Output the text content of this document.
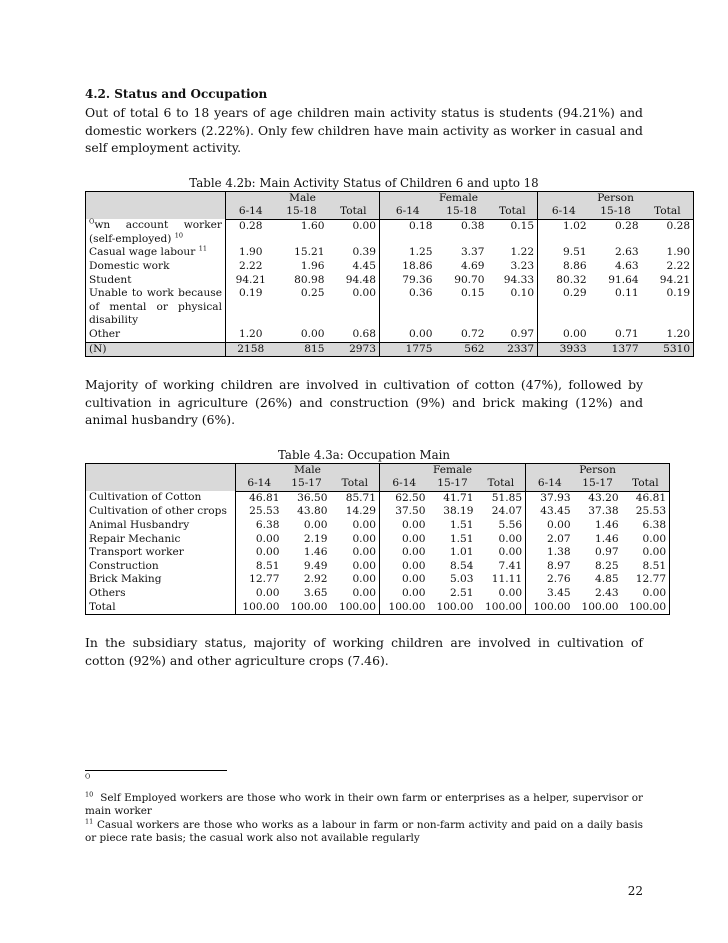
4.2. Status and Occupation

Out of total 6 to 18 years of age children main activity status is students (94.21%) and domestic workers (2.22%). Only few children have main activity as worker in casual and self employment activity.

Table 4.2b: Main Activity Status of Children 6 and upto 18
	Male			Female			Person		
	6-14	15-18	Total	6-14	15-18	Total	6-14	15-18	Total
$^O$wn account worker (self-employed) $^{10}$	0.28	1.60	0.00	0.18	0.38	0.15	1.02	0.28	0.28
Casual wage labour $^{11}$	1.90	15.21	0.39	1.25	3.37	1.22	9.51	2.63	1.90
Domestic work	2.22	1.96	4.45	18.86	4.69	3.23	8.86	4.63	2.22
Student	94.21	80.98	94.48	79.36	90.70	94.33	80.32	91.64	94.21
Unable to work because of mental or physical disability	0.19	0.25	0.00	0.36	0.15	0.10	0.29	0.11	0.19
Other	1.20	0.00	0.68	0.00	0.72	0.97	0.00	0.71	1.20
(N)	2158	815	2973	1775	562	2337	3933	1377	5310

Majority of working children are involved in cultivation of cotton (47%), followed by cultivation in agriculture (26%) and construction (9%) and brick making (12%) and animal husbandry (6%).

Table 4.3a: Occupation Main
	Male			Female			Person		
	6-14	15-17	Total	6-14	15-17	Total	6-14	15-17	Total
Cultivation of Cotton	46.81	36.50	85.71	62.50	41.71	51.85	37.93	43.20	46.81
Cultivation of other crops	25.53	43.80	14.29	37.50	38.19	24.07	43.45	37.38	25.53
Animal Husbandry	6.38	0.00	0.00	0.00	1.51	5.56	0.00	1.46	6.38
Repair Mechanic	0.00	2.19	0.00	0.00	1.51	0.00	2.07	1.46	0.00
Transport worker	0.00	1.46	0.00	0.00	1.01	0.00	1.38	0.97	0.00
Construction	8.51	9.49	0.00	0.00	8.54	7.41	8.97	8.25	8.51
Brick Making	12.77	2.92	0.00	0.00	5.03	11.11	2.76	4.85	12.77
Others	0.00	3.65	0.00	0.00	2.51	0.00	3.45	2.43	0.00
Total	100.00	100.00	100.00	100.00	100.00	100.00	100.00	100.00	100.00

In the subsidiary status, majority of working children are involved in cultivation of cotton (92%) and other agriculture crops (7.46).

$^O$

$^{10}$ Self Employed workers are those who work in their own farm or enterprises as a helper, supervisor or main worker

$^{11}$ Casual workers are those who works as a labour in farm or non-farm activity and paid on a daily basis or piece rate basis; the casual work also not available regularly

22
